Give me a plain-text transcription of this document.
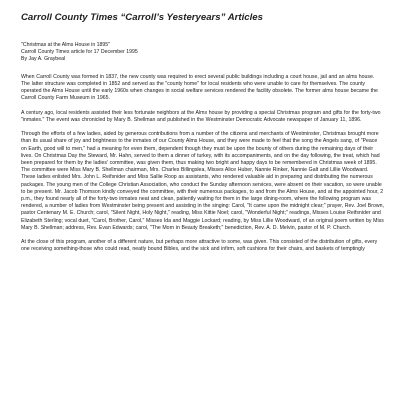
Carroll County Times “Carroll’s Yesteryears” Articles
"Christmas at the Alms House in 1895"
Carroll County Times article for 17 December 1995
By Jay A. Graybeal

When Carroll County was formed in 1837, the new county was required to erect several public buildings including a court house, jail and an alms house. The latter structure was completed in 1852 and served as the "county home" for local residents who were unable to care for themselves. The county operated the Alms House until the early 1960s when changes in social welfare services rendered the facility obsolete. The former alms house became the Carroll County Farm Museum in 1965.

A century ago, local residents assisted their less fortunate neighbors at the Alms house by providing a special Christmas program and gifts for the forty-two "inmates." The event was chronicled by Mary B. Shellman and published in the Westminster Democratic Advocate newspaper of January 11, 1896.

Through the efforts of a few ladies, aided by generous contributions from a number of the citizens and merchants of Westminster, Christmas brought more than its usual share of joy and brightness to the inmates of our County Alms House, and they were made to feel that the song the Angels sang, of "Peace on Earth, good will to men," had a meaning for even them, dependent though they must be upon the bounty of others during the remaining days of their lives. On Christmas Day the Steward, Mr. Hahn, served to them a dinner of turkey, with its accompaniments, and on the day following, the treat, which had been prepared for them by the ladies' committee, was given them, thus making two bright and happy days to be remembered in Christmas week of 1895. The committee were Miss Mary B. Shellman chairman, Mrs. Charles Billingslea, Misses Alice Huber, Nannie Rinker, Nannie Galt and Lillie Woodward. These ladies enlisted Mrs. John L. Reifsnider and Miss Sallie Roop as assistants, who rendered valuable aid in preparing and distributing the numerous packages. The young men of the College Christian Association, who conduct the Sunday afternoon services, were absent on their vacation, so were unable to be present. Mr. Jacob Thomson kindly conveyed the committee, with their numerous packages, to and from the Alms House, and at the appointed hour, 2 p.m., they found nearly all of the forty-two inmates neat and clean, patiently waiting for them in the large dining-room, where the following program was rendered, a number of ladies from Westminster being present and assisting in the singing: Carol, "It came upon the midnight clear;" prayer, Rev. Joel Brown, pastor Centenary M. E. Church; carol, "Silent Night, Holy Night," reading, Miss Kittie Noel; carol, "Wonderful Night;" readings, Misses Louise Reifsnider and Elizabeth Sterling; vocal duet, "Carol, Brother, Carol," Misses Ida and Maggie Lockard; reading, by Miss Lillie Woodward, of an original poem written by Miss Mary B. Shellman; address, Rev. Evan Edwards; carol, "The Morn in Beauty Breaketh;" benediction, Rev. A. D. Melvin, pastor of M. P. Church.

At the close of this program, another of a different nature, but perhaps more attractive to some, was given. This consisted of the distribution of gifts, every one receiving something-those who could read, neatly bound Bibles, and the sick and infirm, soft cushions for their chairs, and baskets of temptingly
